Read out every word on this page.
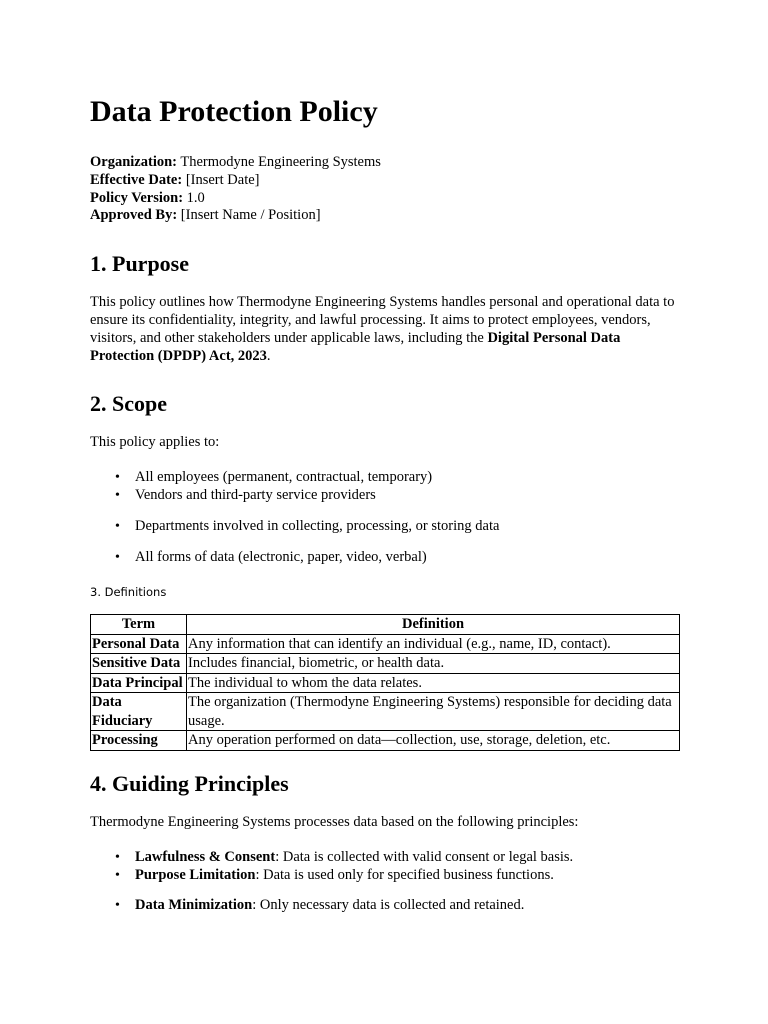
Data Protection Policy

Organization: Thermodyne Engineering Systems

Effective Date: [Insert Date]

Policy Version: 1.0

Approved By: [Insert Name / Position]

1. Purpose

This policy outlines how Thermodyne Engineering Systems handles personal and operational data to ensure its confidentiality, integrity, and lawful processing. It aims to protect employees, vendors, visitors, and other stakeholders under applicable laws, including the Digital Personal Data Protection (DPDP) Act, 2023.

2. Scope

This policy applies to:

• All employees (permanent, contractual, temporary)
• Vendors and third-party service providers
• Departments involved in collecting, processing, or storing data
• All forms of data (electronic, paper, video, verbal)

3. Definitions

Term	Definition
Personal Data	Any information that can identify an individual (e.g., name, ID, contact).
Sensitive Data	Includes financial, biometric, or health data.
Data Principal	The individual to whom the data relates.
Data Fiduciary	The organization (Thermodyne Engineering Systems) responsible for deciding data usage.
Processing	Any operation performed on data—collection, use, storage, deletion, etc.
4. Guiding Principles

Thermodyne Engineering Systems processes data based on the following principles:

• Lawfulness & Consent: Data is collected with valid consent or legal basis.
• Purpose Limitation: Data is used only for specified business functions.
• Data Minimization: Only necessary data is collected and retained.
